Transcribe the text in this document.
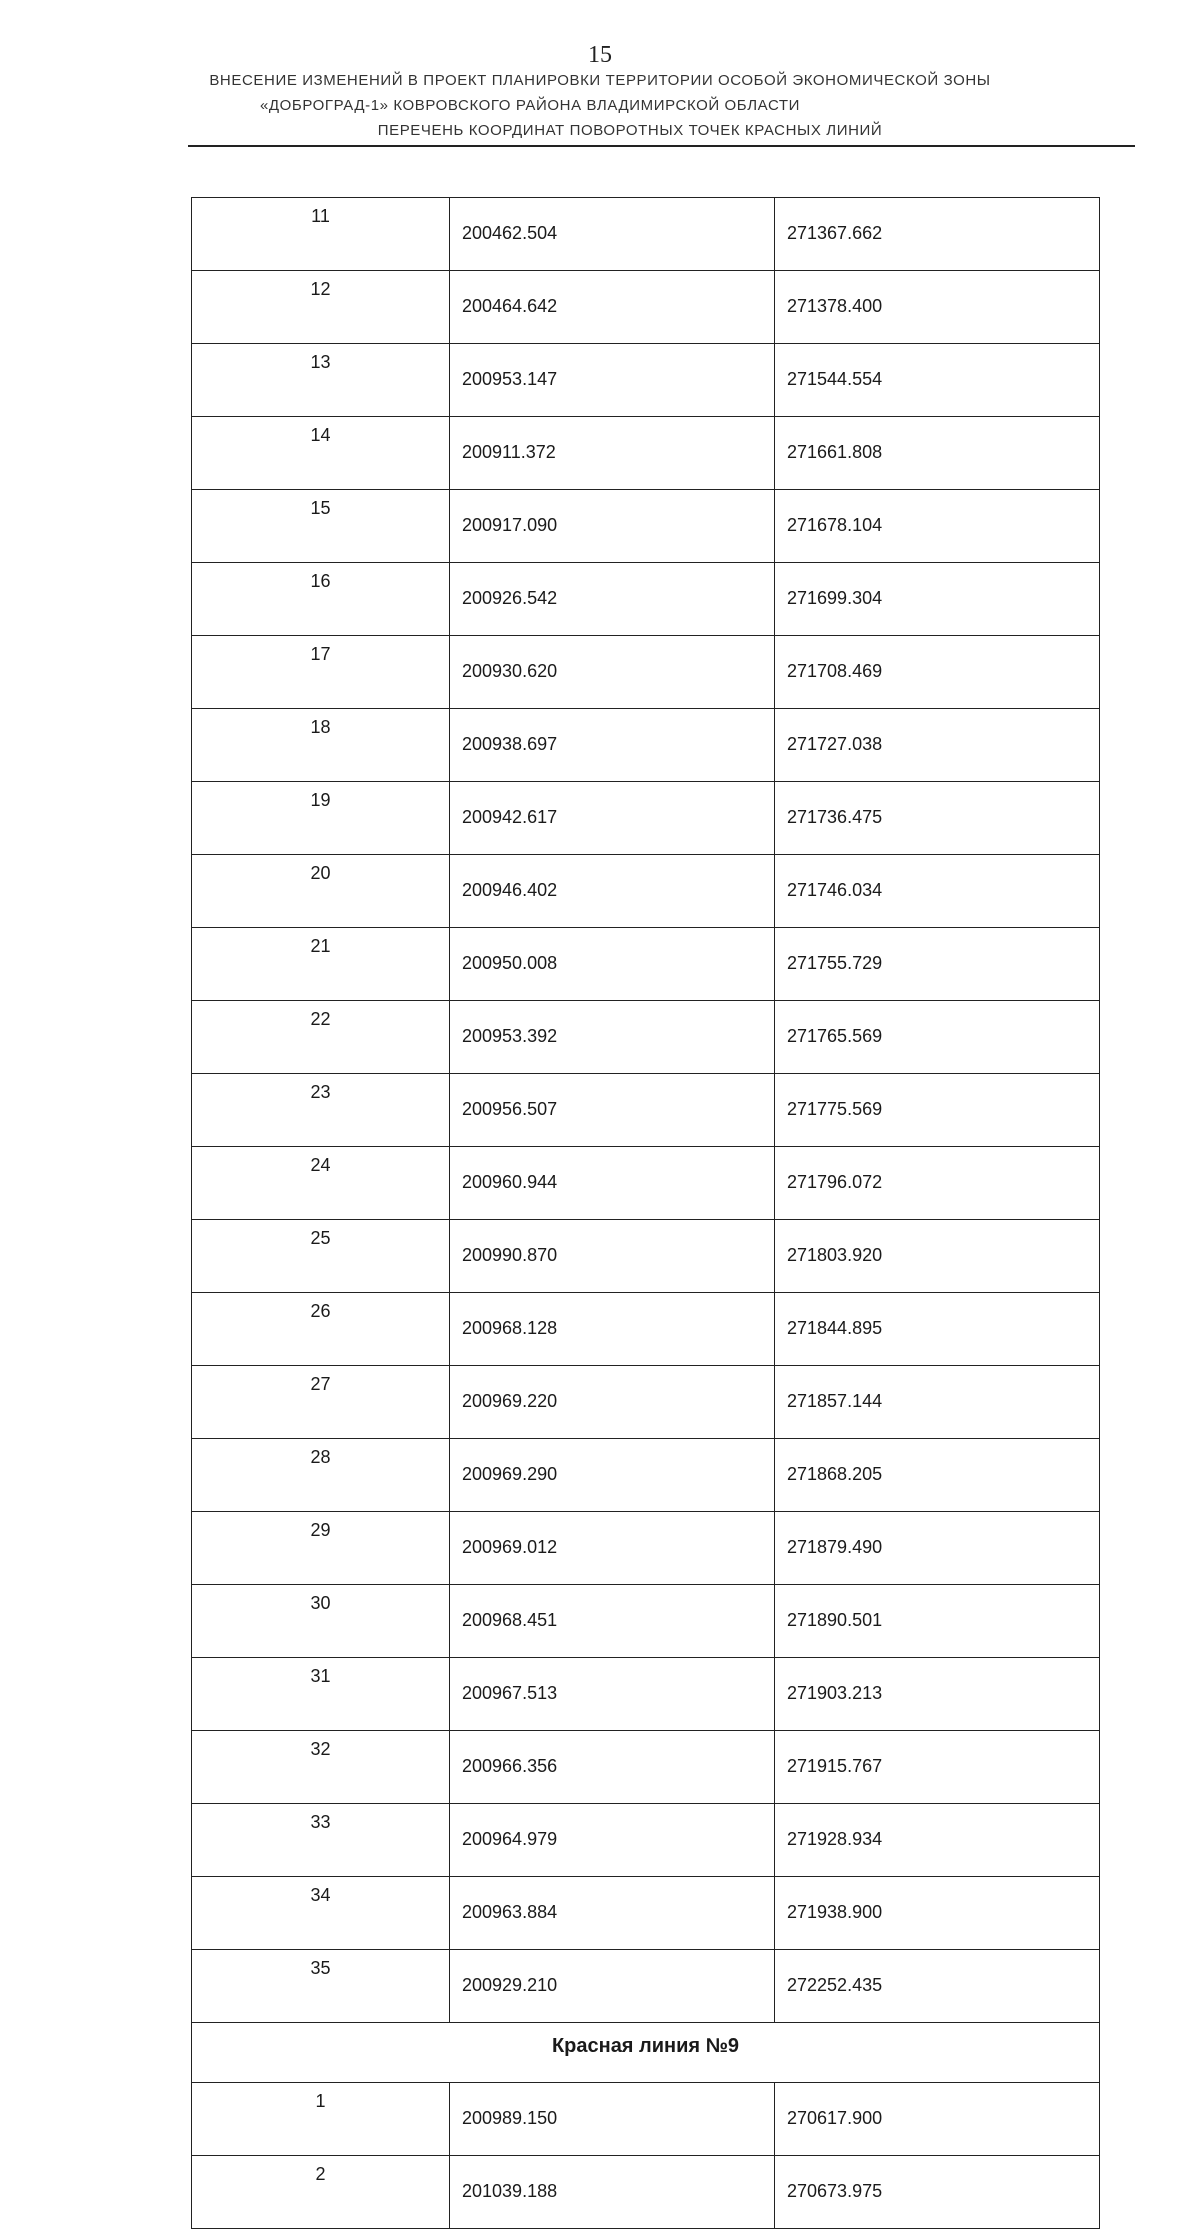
15
ВНЕСЕНИЕ ИЗМЕНЕНИЙ В ПРОЕКТ ПЛАНИРОВКИ ТЕРРИТОРИИ ОСОБОЙ ЭКОНОМИЧЕСКОЙ ЗОНЫ
«ДОБРОГРАД-1» КОВРОВСКОГО РАЙОНА ВЛАДИМИРСКОЙ ОБЛАСТИ
ПЕРЕЧЕНЬ КООРДИНАТ ПОВОРОТНЫХ ТОЧЕК КРАСНЫХ ЛИНИЙ
11	200462.504	271367.662
12	200464.642	271378.400
13	200953.147	271544.554
14	200911.372	271661.808
15	200917.090	271678.104
16	200926.542	271699.304
17	200930.620	271708.469
18	200938.697	271727.038
19	200942.617	271736.475
20	200946.402	271746.034
21	200950.008	271755.729
22	200953.392	271765.569
23	200956.507	271775.569
24	200960.944	271796.072
25	200990.870	271803.920
26	200968.128	271844.895
27	200969.220	271857.144
28	200969.290	271868.205
29	200969.012	271879.490
30	200968.451	271890.501
31	200967.513	271903.213
32	200966.356	271915.767
33	200964.979	271928.934
34	200963.884	271938.900
35	200929.210	272252.435
Красная линия №9		
1	200989.150	270617.900
2	201039.188	270673.975
